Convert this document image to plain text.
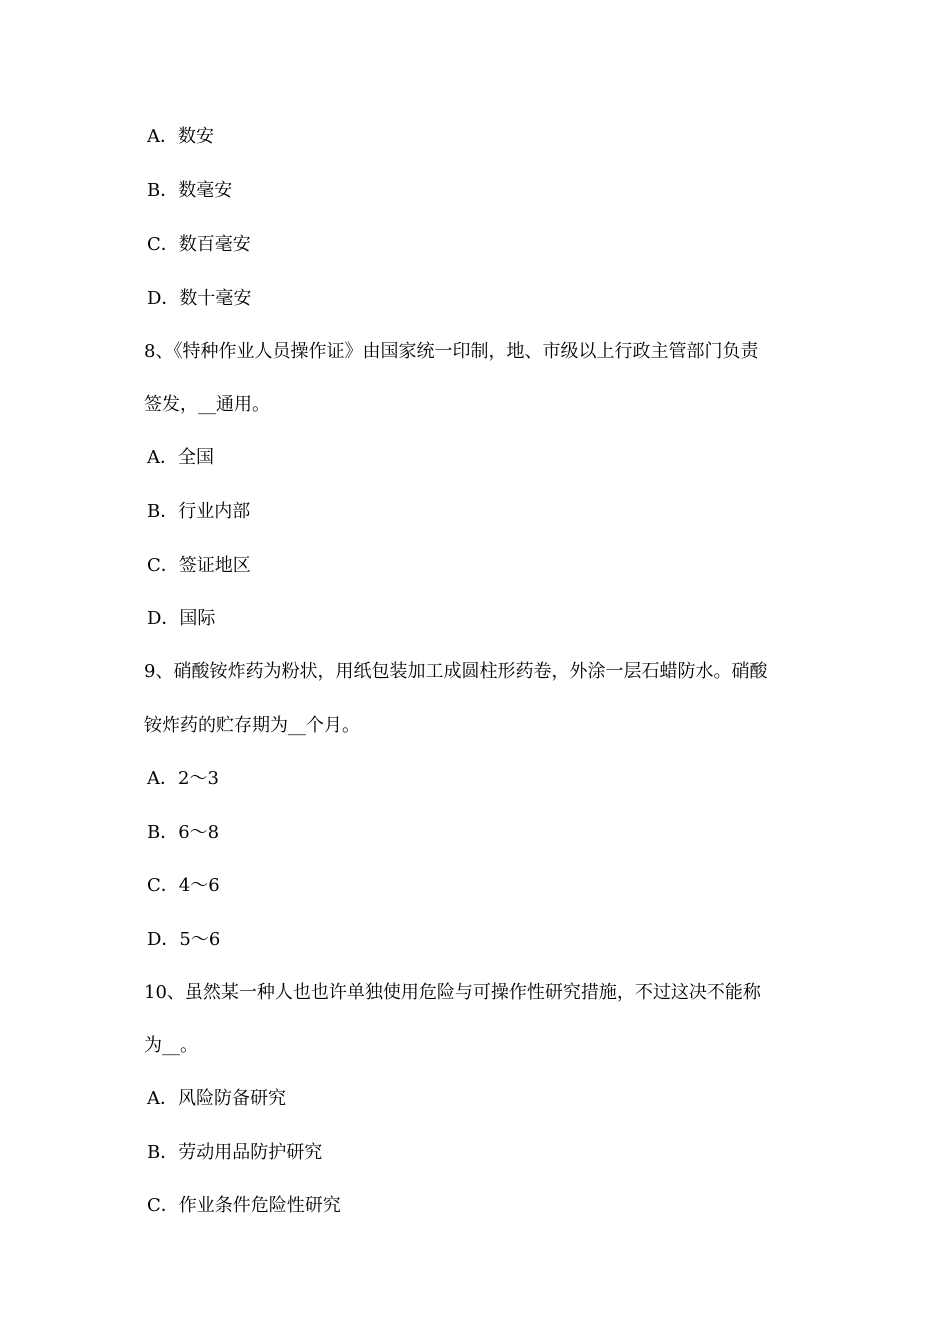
A．数安
B．数毫安
C．数百毫安
D．数十毫安
8、《特种作业人员操作证》由国家统一印制，地、市级以上行政主管部门负责
签发，__通用。
A．全国
B．行业内部
C．签证地区
D．国际
9、硝酸铵炸药为粉状，用纸包装加工成圆柱形药卷，外涂一层石蜡防水。硝酸
铵炸药的贮存期为__个月。
A．2～3
B．6～8
C．4～6
D．5～6
10、虽然某一种人也也许单独使用危险与可操作性研究措施，不过这决不能称
为__。
A．风险防备研究
B．劳动用品防护研究
C．作业条件危险性研究
